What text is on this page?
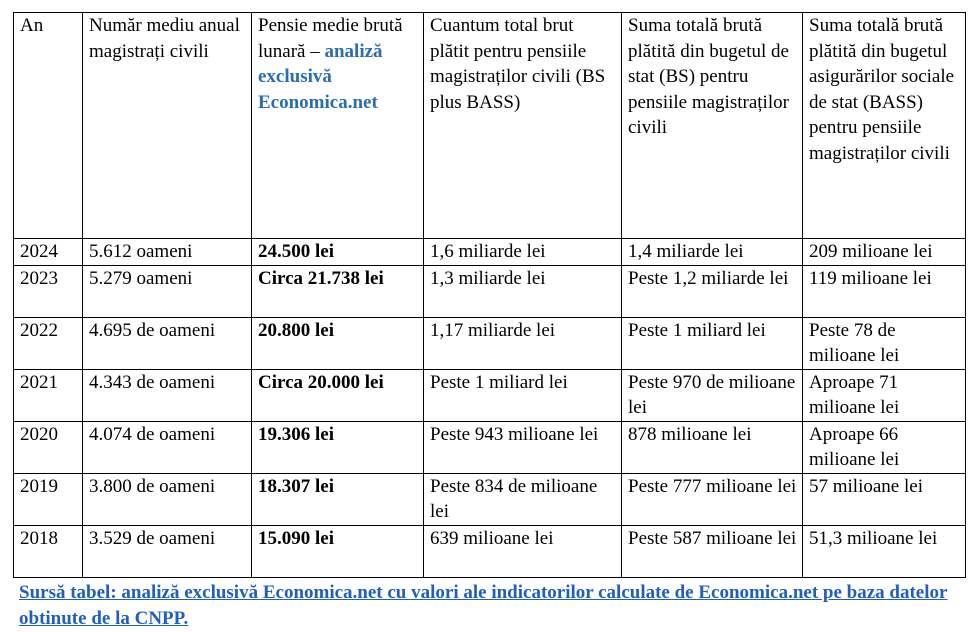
An	Număr mediu anual magistrați civili	Pensie medie brută lunară – analiză exclusivă Economica.net	Cuantum total brut plătit pentru pensiile magistraților civili (BS plus BASS)	Suma totală brută plătită din bugetul de stat (BS) pentru pensiile magistraților civili	Suma totală brută plătită din bugetul asigurărilor sociale de stat (BASS) pentru pensiile magistraților civili
2024	5.612 oameni	24.500 lei	1,6 miliarde lei	1,4 miliarde lei	209 milioane lei
2023	5.279 oameni	Circa 21.738 lei	1,3 miliarde lei	Peste 1,2 miliarde lei	119 milioane lei
2022	4.695 de oameni	20.800 lei	1,17 miliarde lei	Peste 1 miliard lei	Peste 78 de milioane lei
2021	4.343 de oameni	Circa 20.000 lei	Peste 1 miliard lei	Peste 970 de milioane lei	Aproape 71 milioane lei
2020	4.074 de oameni	19.306 lei	Peste 943 milioane lei	878 milioane lei	Aproape 66 milioane lei
2019	3.800 de oameni	18.307 lei	Peste 834 de milioane lei	Peste 777 milioane lei	57 milioane lei
2018	3.529 de oameni	15.090 lei	639 milioane lei	Peste 587 milioane lei	51,3 milioane lei
Sursă tabel: analiză exclusivă Economica.net cu valori ale indicatorilor calculate de Economica.net pe baza datelor obtinute de la CNPP.
